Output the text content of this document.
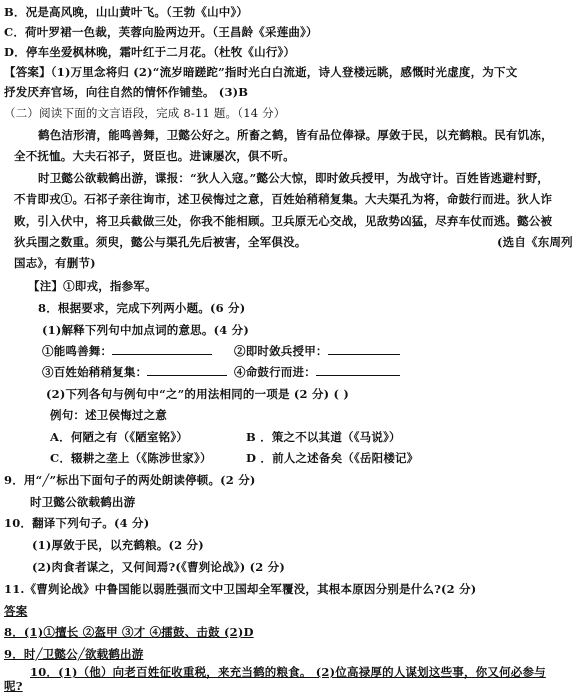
B．况是高风晚，山山黄叶飞。（王勃《山中》）
C．荷叶罗裙一色裁，芙蓉向脸两边开。（王昌龄《采莲曲》）
D．停车坐爱枫林晚，霜叶红于二月花。（杜牧《山行》）
【答案】（1)万里念将归 (2)“流岁暗蹉跎”指时光白白流逝，诗人登楼远眺，感慨时光虚度，为下文
抒发厌弃官场，向往自然的情怀作铺垫。 (3)B
（二）阅读下面的文言语段，完成 8-11 题。（14 分）
鹤色洁形清，能鸣善舞，卫懿公好之。所畜之鹤，皆有品位俸禄。厚敛于民，以充鹤粮。民有饥冻，
全不抚恤。大夫石祁子，贤臣也。进谏屡次，俱不听。
时卫懿公欲载鹤出游，谍报：“狄人入寇。”懿公大惊，即时敛兵授甲，为战守计。百姓皆逃避村野，
不肯即戎①。石祁子亲往询市，述卫侯悔过之意，百姓始稍稍复集。大夫渠孔为将，命鼓行而进。狄人诈
败，引入伏中，将卫兵截做三处，你我不能相顾。卫兵原无心交战，见敌势凶猛，尽弃车仗而逃。懿公被
狄兵围之数重。须臾，懿公与渠孔先后被害，全军俱没。	(选自《东周列
国志》，有删节)
【注】①即戎，指参军。
8．根据要求，完成下列两小题。(6 分)
(1)解释下列句中加点词的意思。(4 分)
①能鸣善舞：	②即时敛兵授甲：
③百姓始稍稍复集：	④命鼓行而进：
(2)下列各句与例句中“之”的用法相同的一项是 (2 分) ( )
例句：述卫侯悔过之意
A．何陋之有（《陋室铭》）	B ．策之不以其道（《马说》）
C．辍耕之垄上（《陈涉世家》）	D ．前人之述备矣（《岳阳楼记》
9．用“╱”标出下面句子的两处朗读停顿。(2 分)
时卫懿公欲载鹤出游
10．翻译下列句子。(4 分)
(1)厚敛于民，以充鹤粮。(2 分)
(2)肉食者谋之，又何间焉?(《曹刿论战》) (2 分)
11.《曹刿论战》中鲁国能以弱胜强而文中卫国却全军覆没，其根本原因分别是什么?(2 分)
答案
8．(1)①擅长 ②盔甲 ③才 ④擂鼓、击鼓 (2)D
9．时╱卫懿公╱欲载鹤出游
10．(1)（他）向老百姓征收重税，来充当鹤的粮食。 (2)位高禄厚的人谋划这些事，你又何必参与
呢?
